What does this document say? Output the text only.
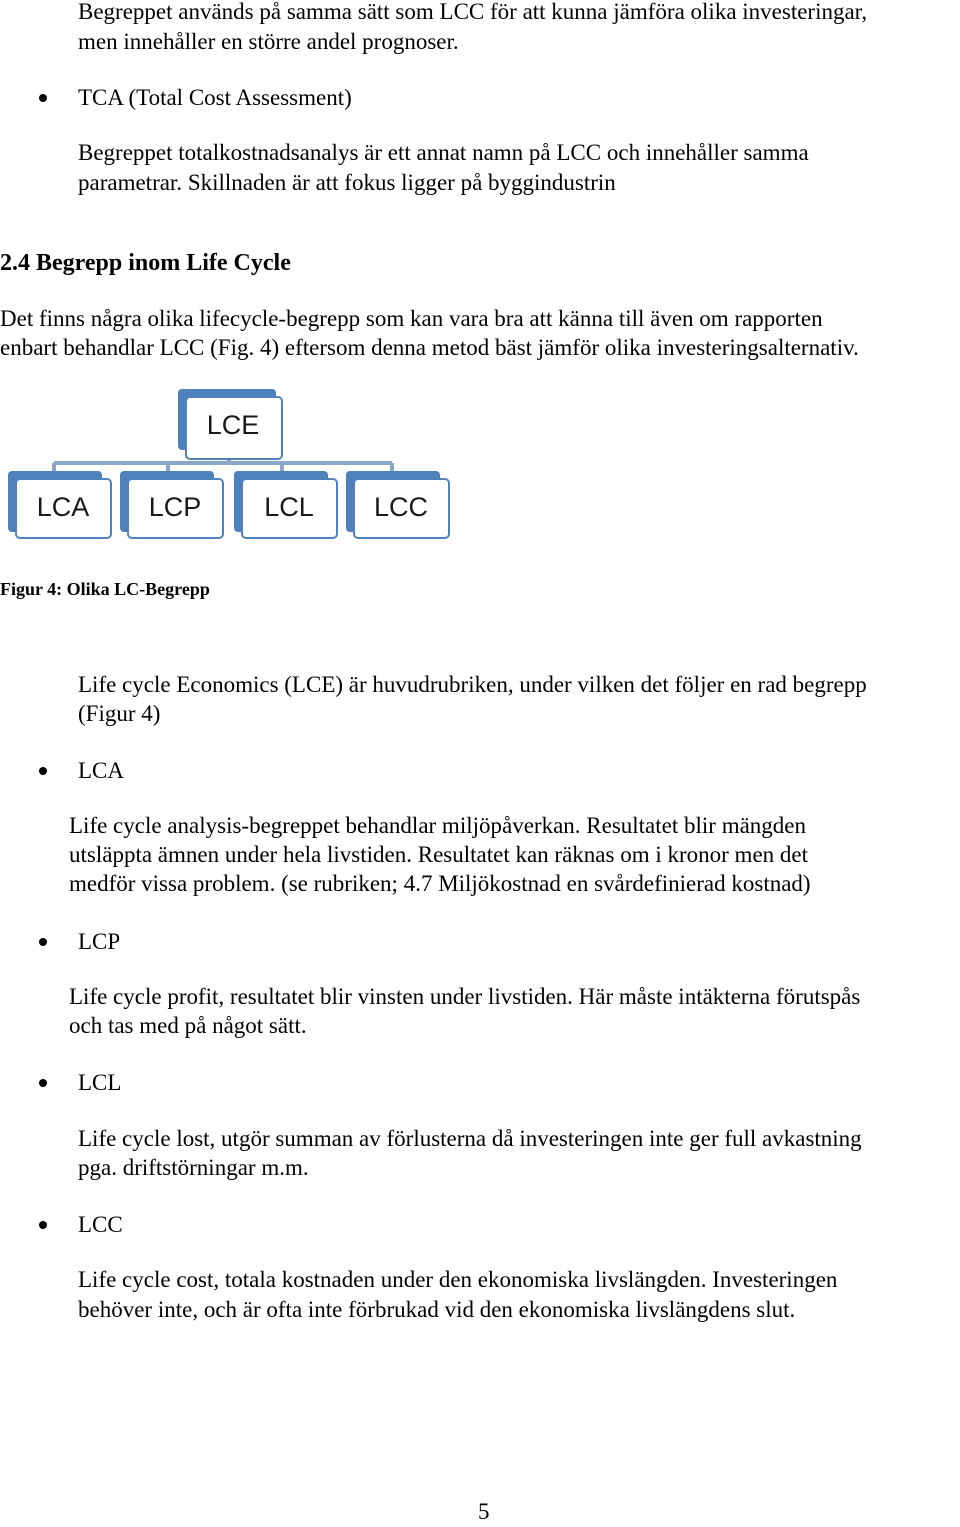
Begreppet används på samma sätt som LCC för att kunna jämföra olika investeringar,
men innehåller en större andel prognoser.
TCA (Total Cost Assessment)
Begreppet totalkostnadsanalys är ett annat namn på LCC och innehåller samma
parametrar. Skillnaden är att fokus ligger på byggindustrin
2.4 Begrepp inom Life Cycle
Det finns några olika lifecycle-begrepp som kan vara bra att känna till även om rapporten
enbart behandlar LCC (Fig. 4) eftersom denna metod bäst jämför olika investeringsalternativ.
LCE
LCA LCP LCL LCC
Figur 4: Olika LC-Begrepp
Life cycle Economics (LCE) är huvudrubriken, under vilken det följer en rad begrepp
(Figur 4)
LCA
Life cycle analysis-begreppet behandlar miljöpåverkan. Resultatet blir mängden
utsläppta ämnen under hela livstiden. Resultatet kan räknas om i kronor men det
medför vissa problem. (se rubriken; 4.7 Miljökostnad en svårdefinierad kostnad)
LCP
Life cycle profit, resultatet blir vinsten under livstiden. Här måste intäkterna förutspås
och tas med på något sätt.
LCL
Life cycle lost, utgör summan av förlusterna då investeringen inte ger full avkastning
pga. driftstörningar m.m.
LCC
Life cycle cost, totala kostnaden under den ekonomiska livslängden. Investeringen
behöver inte, och är ofta inte förbrukad vid den ekonomiska livslängdens slut.
5
